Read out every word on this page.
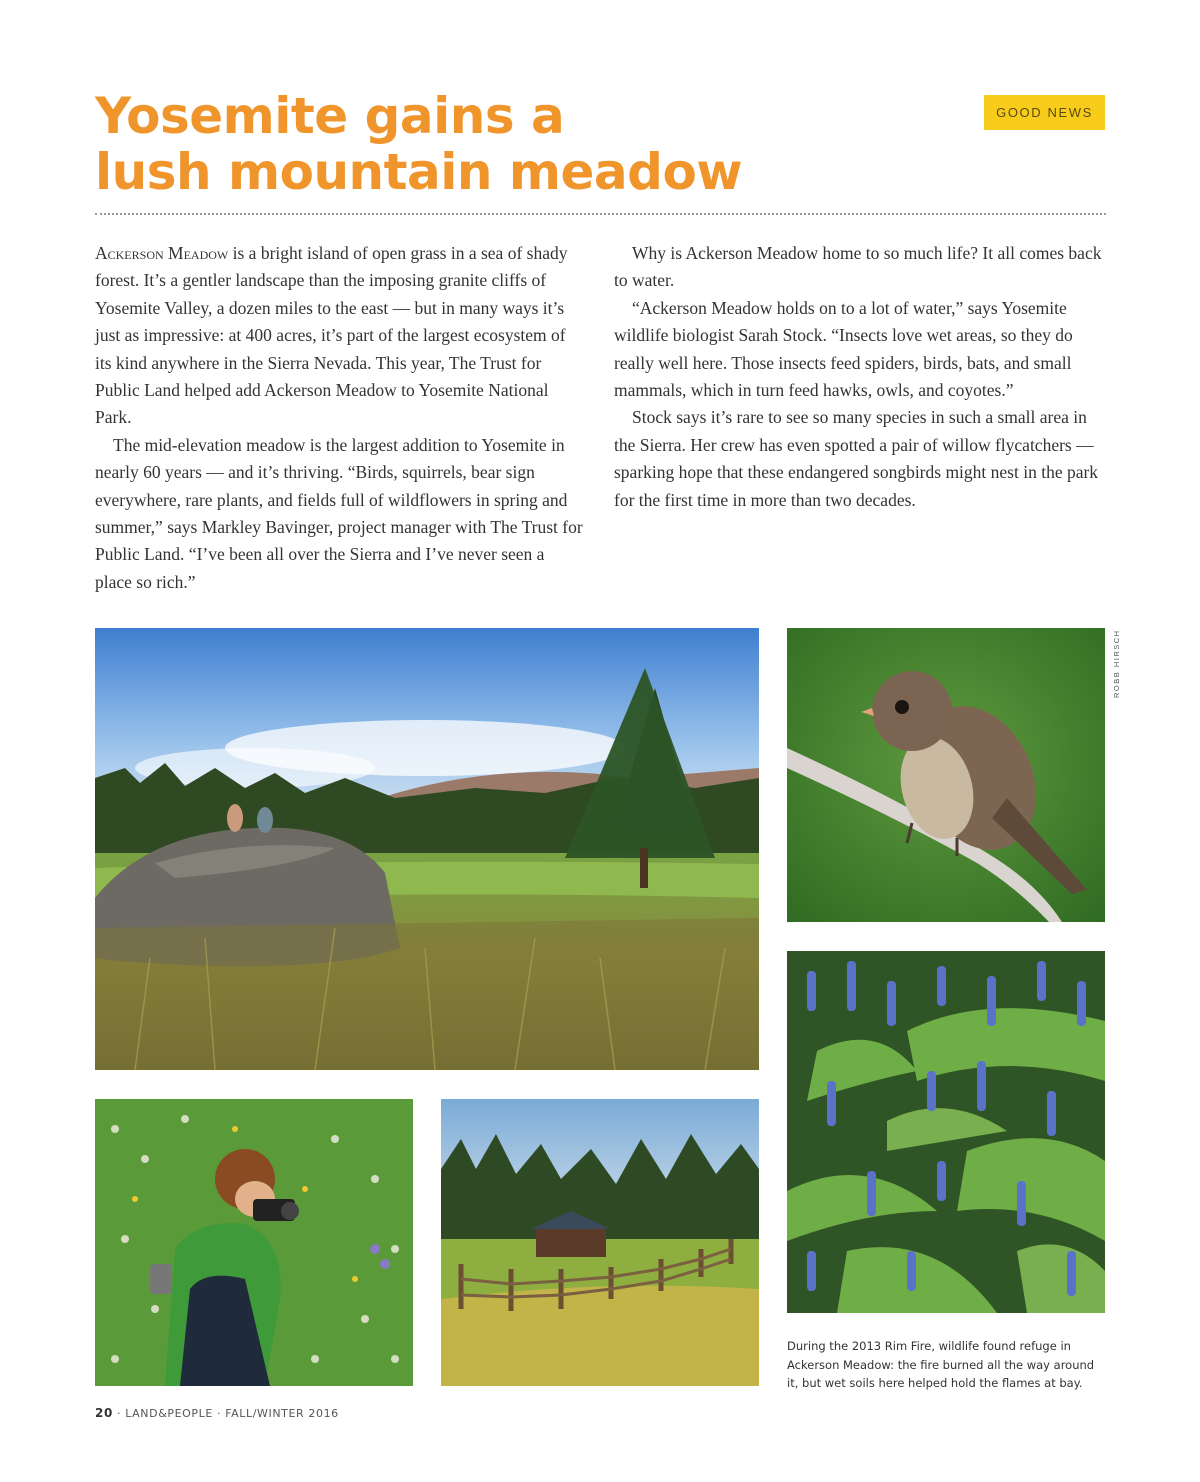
Yosemite gains a
lush mountain meadow
GOOD NEWS

Ackerson Meadow is a bright island of open grass in a sea of shady forest. It’s a gentler landscape than the imposing granite cliffs of Yosemite Valley, a dozen miles to the east — but in many ways it’s just as impressive: at 400 acres, it’s part of the largest ecosystem of its kind anywhere in the Sierra Nevada. This year, The Trust for Public Land helped add Ackerson Meadow to Yosemite National Park.

The mid-elevation meadow is the largest addition to Yosemite in nearly 60 years — and it’s thriving. “Birds, squirrels, bear sign everywhere, rare plants, and fields full of wildflowers in spring and summer,” says Markley Bavinger, project manager with The Trust for Public Land. “I’ve been all over the Sierra and I’ve never seen a place so rich.”

Why is Ackerson Meadow home to so much life? It all comes back to water.

“Ackerson Meadow holds on to a lot of water,” says Yosemite wildlife biologist Sarah Stock. “Insects love wet areas, so they do really well here. Those insects feed spiders, birds, bats, and small mammals, which in turn feed hawks, owls, and coyotes.”

Stock says it’s rare to see so many species in such a small area in the Sierra. Her crew has even spotted a pair of willow flycatchers — sparking hope that these endangered songbirds might nest in the park for the first time in more than two decades.

ROBB HIRSCH
During the 2013 Rim Fire, wildlife found refuge in Ackerson Meadow: the fire burned all the way around it, but wet soils here helped hold the flames at bay.
20 · LAND&PEOPLE · FALL/WINTER 2016
